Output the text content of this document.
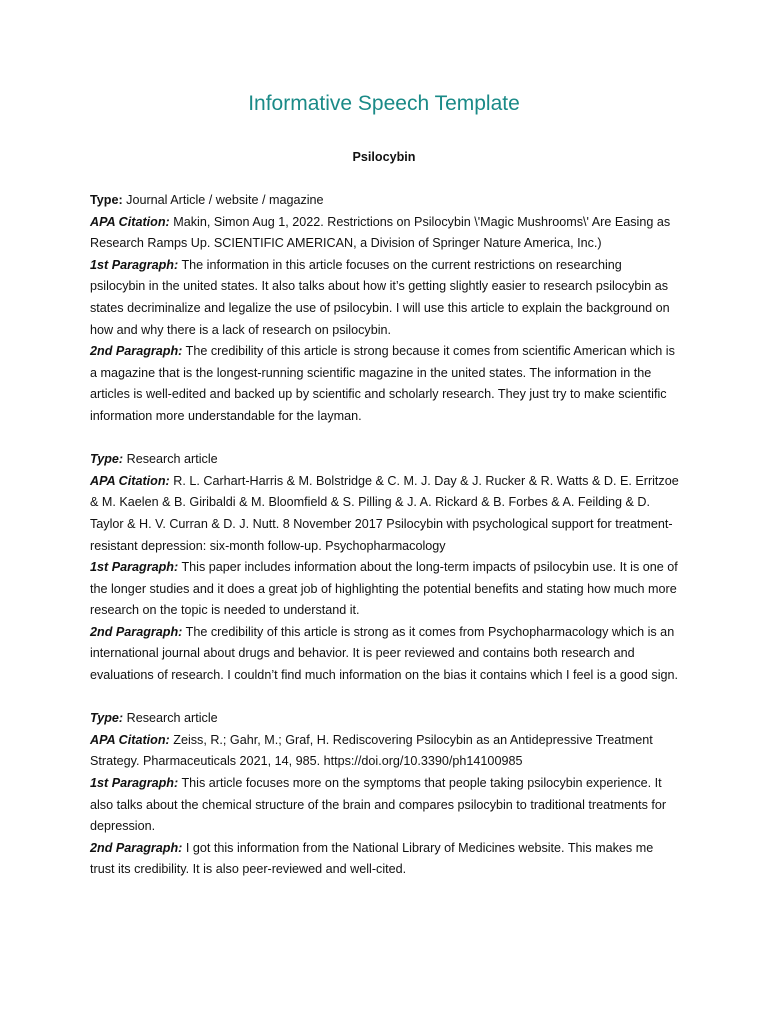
Informative Speech Template
Psilocybin

Type: Journal Article / website / magazine

APA Citation: Makin, Simon Aug 1, 2022. Restrictions on Psilocybin \'Magic Mushrooms\' Are Easing as Research Ramps Up. SCIENTIFIC AMERICAN, a Division of Springer Nature America, Inc.)

1st Paragraph: The information in this article focuses on the current restrictions on researching psilocybin in the united states. It also talks about how it’s getting slightly easier to research psilocybin as states decriminalize and legalize the use of psilocybin. I will use this article to explain the background on how and why there is a lack of research on psilocybin.

2nd Paragraph: The credibility of this article is strong because it comes from scientific American which is a magazine that is the longest-running scientific magazine in the united states. The information in the articles is well-edited and backed up by scientific and scholarly research. They just try to make scientific information more understandable for the layman.

Type: Research article

APA Citation: R. L. Carhart-Harris & M. Bolstridge & C. M. J. Day & J. Rucker & R. Watts & D. E. Erritzoe & M. Kaelen & B. Giribaldi & M. Bloomfield & S. Pilling & J. A. Rickard & B. Forbes & A. Feilding & D. Taylor & H. V. Curran & D. J. Nutt. 8 November 2017 Psilocybin with psychological support for treatment-resistant depression: six-month follow-up. Psychopharmacology

1st Paragraph: This paper includes information about the long-term impacts of psilocybin use. It is one of the longer studies and it does a great job of highlighting the potential benefits and stating how much more research on the topic is needed to understand it.

2nd Paragraph: The credibility of this article is strong as it comes from Psychopharmacology which is an international journal about drugs and behavior. It is peer reviewed and contains both research and evaluations of research. I couldn’t find much information on the bias it contains which I feel is a good sign.

Type: Research article

APA Citation: Zeiss, R.; Gahr, M.; Graf, H. Rediscovering Psilocybin as an Antidepressive Treatment Strategy. Pharmaceuticals 2021, 14, 985. https://doi.org/10.3390/ph14100985

1st Paragraph: This article focuses more on the symptoms that people taking psilocybin experience. It also talks about the chemical structure of the brain and compares psilocybin to traditional treatments for depression.

2nd Paragraph: I got this information from the National Library of Medicines website. This makes me trust its credibility. It is also peer-reviewed and well-cited.
